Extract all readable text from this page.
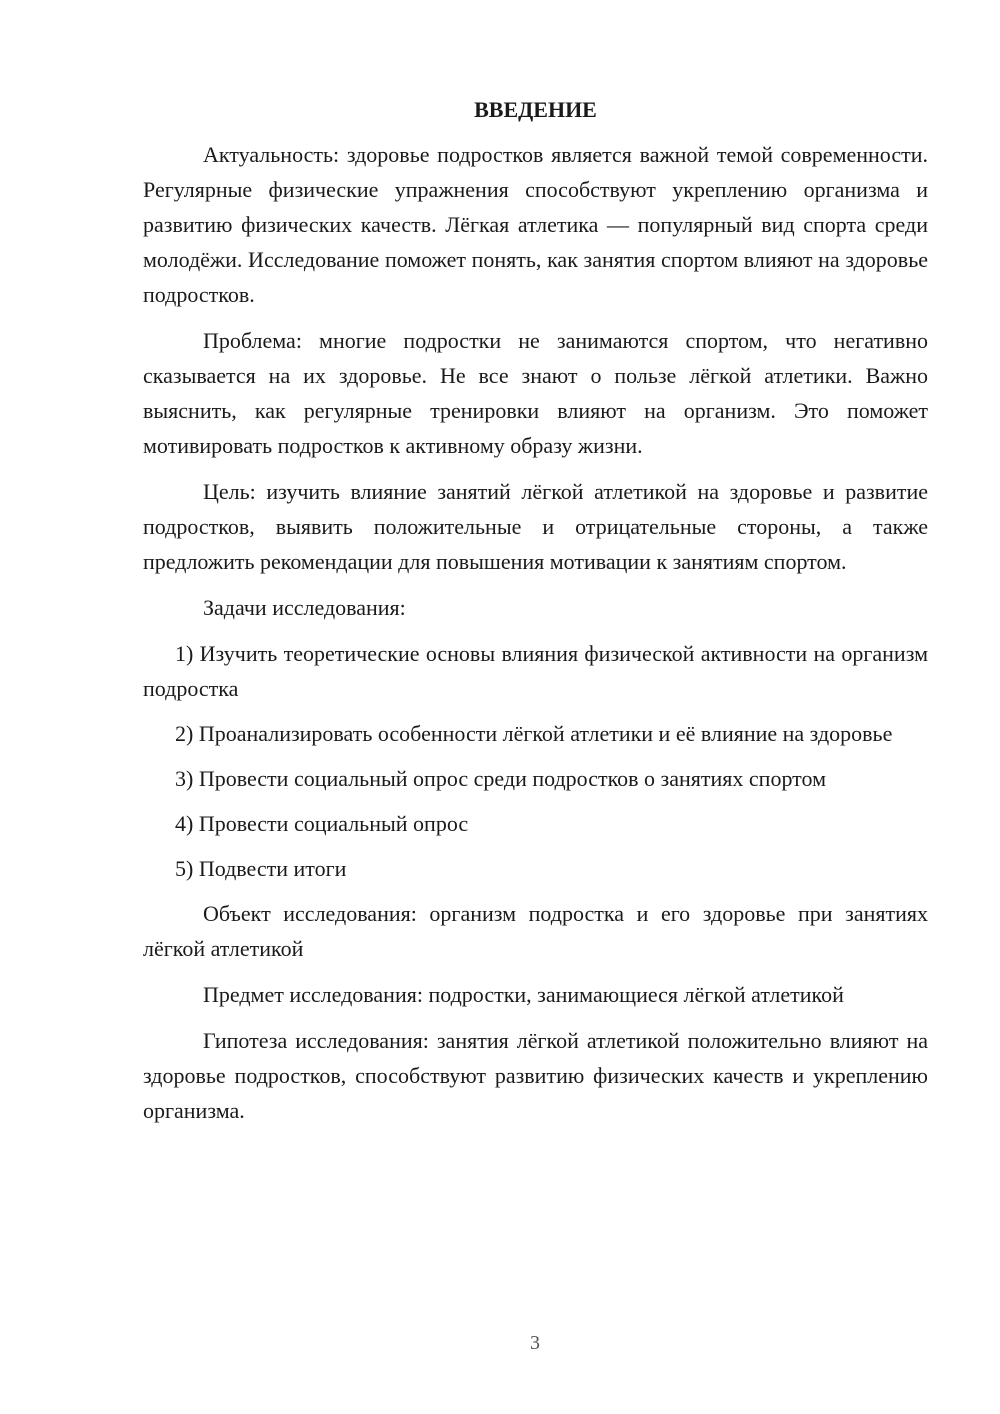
ВВЕДЕНИЕ

Актуальность: здоровье подростков является важной темой современности. Регулярные физические упражнения способствуют укреплению организма и развитию физических качеств. Лёгкая атлетика — популярный вид спорта среди молодёжи. Исследование поможет понять, как занятия спортом влияют на здоровье подростков.

Проблема: многие подростки не занимаются спортом, что негативно сказывается на их здоровье. Не все знают о пользе лёгкой атлетики. Важно выяснить, как регулярные тренировки влияют на организм. Это поможет мотивировать подростков к активному образу жизни.

Цель: изучить влияние занятий лёгкой атлетикой на здоровье и развитие подростков, выявить положительные и отрицательные стороны, а также предложить рекомендации для повышения мотивации к занятиям спортом.

Задачи исследования:

1) Изучить теоретические основы влияния физической активности на организм подростка

2) Проанализировать особенности лёгкой атлетики и её влияние на здоровье

3) Провести социальный опрос среди подростков о занятиях спортом

4) Провести социальный опрос

5) Подвести итоги

Объект исследования: организм подростка и его здоровье при занятиях лёгкой атлетикой

Предмет исследования: подростки, занимающиеся лёгкой атлетикой

Гипотеза исследования: занятия лёгкой атлетикой положительно влияют на здоровье подростков, способствуют развитию физических качеств и укреплению организма.

3
